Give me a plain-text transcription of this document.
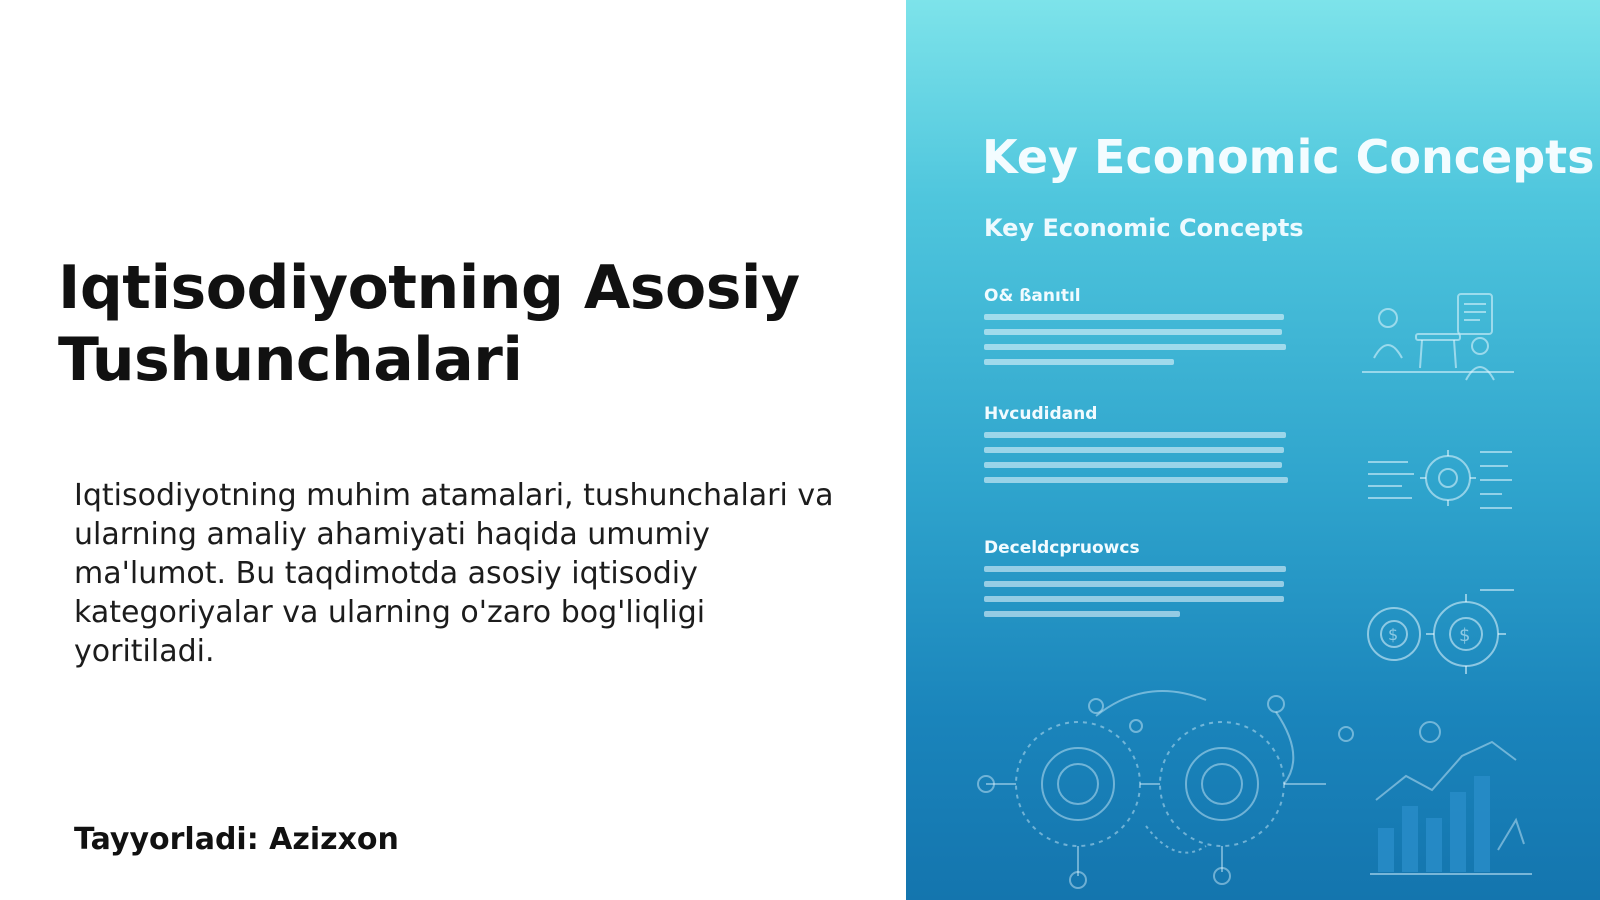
Iqtisodiyotning Asosiy Tushunchalari

Iqtisodiyotning muhim atamalari, tushunchalari va ularning amaliy ahamiyati haqida umumiy ma'lumot. Bu taqdimotda asosiy iqtisodiy kategoriyalar va ularning o'zaro bog'liqligi yoritiladi.

Tayyorladi: Azizxon

Key Economic Concepts
Key Economic Concepts
O& ßanıtıl
Hvcudidand
Deceldcpruowcs
$	$
